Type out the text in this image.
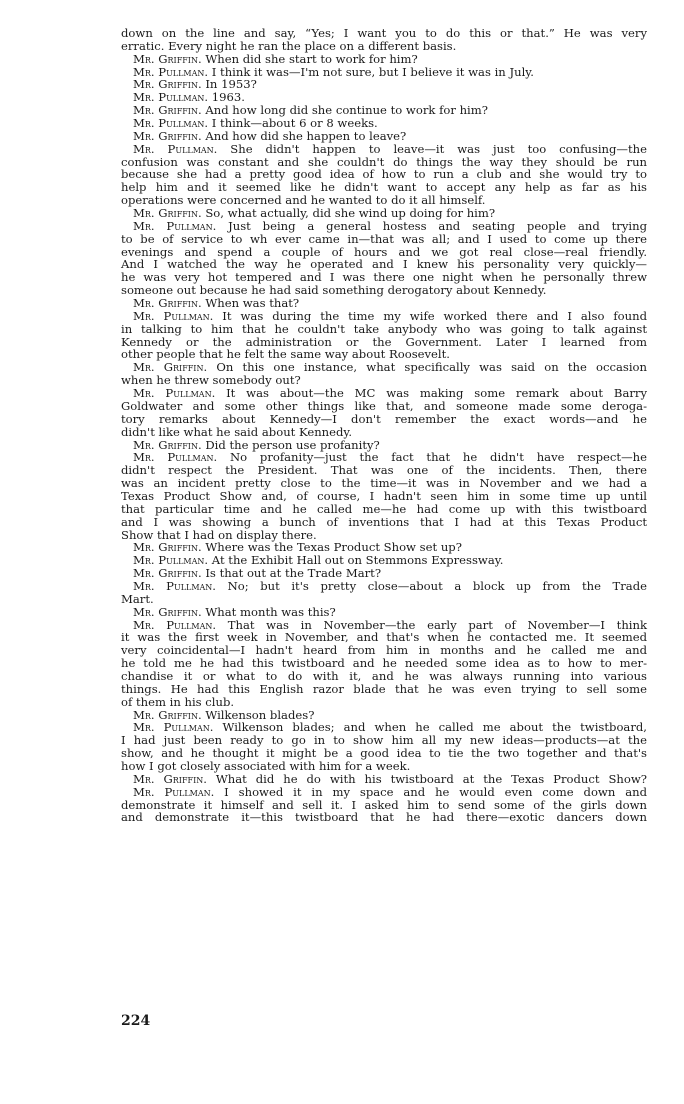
down on the line and say, “Yes; I want you to do this or that.” He was very
erratic. Every night he ran the place on a different basis.
Mr. Griffin. When did she start to work for him?
Mr. Pullman. I think it was—I'm not sure, but I believe it was in July.
Mr. Griffin. In 1953?
Mr. Pullman. 1963.
Mr. Griffin. And how long did she continue to work for him?
Mr. Pullman. I think—about 6 or 8 weeks.
Mr. Griffin. And how did she happen to leave?
Mr. Pullman. She didn't happen to leave—it was just too confusing—the
confusion was constant and she couldn't do things the way they should be run
because she had a pretty good idea of how to run a club and she would try to
help him and it seemed like he didn't want to accept any help as far as his
operations were concerned and he wanted to do it all himself.
Mr. Griffin. So, what actually, did she wind up doing for him?
Mr. Pullman. Just being a general hostess and seating people and trying
to be of service to wh ever came in—that was all; and I used to come up there
evenings and spend a couple of hours and we got real close—real friendly.
And I watched the way he operated and I knew his personality very quickly—
he was very hot tempered and I was there one night when he personally threw
someone out because he had said something derogatory about Kennedy.
Mr. Griffin. When was that?
Mr. Pullman. It was during the time my wife worked there and I also found
in talking to him that he couldn't take anybody who was going to talk against
Kennedy or the administration or the Government. Later I learned from
other people that he felt the same way about Roosevelt.
Mr. Griffin. On this one instance, what specifically was said on the occasion
when he threw somebody out?
Mr. Pullman. It was about—the MC was making some remark about Barry
Goldwater and some other things like that, and someone made some deroga-
tory remarks about Kennedy—I don't remember the exact words—and he
didn't like what he said about Kennedy.
Mr. Griffin. Did the person use profanity?
Mr. Pullman. No profanity—just the fact that he didn't have respect—he
didn't respect the President. That was one of the incidents. Then, there
was an incident pretty close to the time—it was in November and we had a
Texas Product Show and, of course, I hadn't seen him in some time up until
that particular time and he called me—he had come up with this twistboard
and I was showing a bunch of inventions that I had at this Texas Product
Show that I had on display there.
Mr. Griffin. Where was the Texas Product Show set up?
Mr. Pullman. At the Exhibit Hall out on Stemmons Expressway.
Mr. Griffin. Is that out at the Trade Mart?
Mr. Pullman. No; but it's pretty close—about a block up from the Trade
Mart.
Mr. Griffin. What month was this?
Mr. Pullman. That was in November—the early part of November—I think
it was the first week in November, and that's when he contacted me. It seemed
very coincidental—I hadn't heard from him in months and he called me and
he told me he had this twistboard and he needed some idea as to how to mer-
chandise it or what to do with it, and he was always running into various
things. He had this English razor blade that he was even trying to sell some
of them in his club.
Mr. Griffin. Wilkenson blades?
Mr. Pullman. Wilkenson blades; and when he called me about the twistboard,
I had just been ready to go in to show him all my new ideas—products—at the
show, and he thought it might be a good idea to tie the two together and that's
how I got closely associated with him for a week.
Mr. Griffin. What did he do with his twistboard at the Texas Product Show?
Mr. Pullman. I showed it in my space and he would even come down and
demonstrate it himself and sell it. I asked him to send some of the girls down
and demonstrate it—this twistboard that he had there—exotic dancers down
224
